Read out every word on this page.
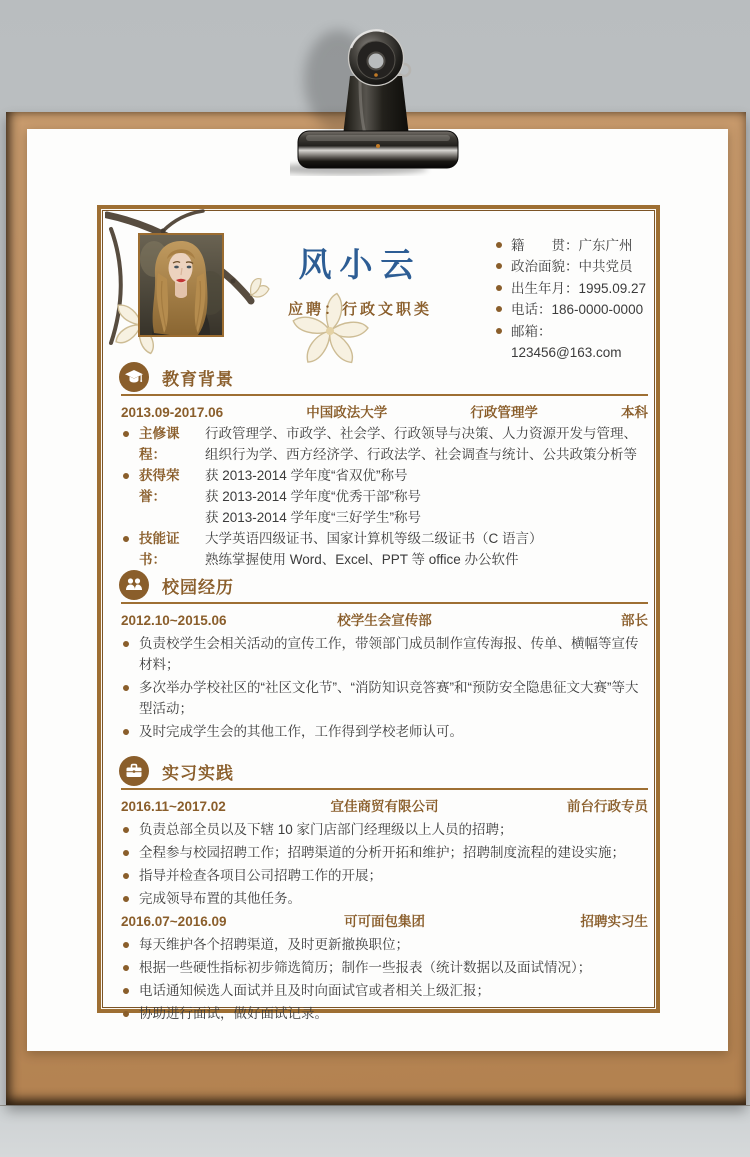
风小云
应聘：行政文职类
籍　　贯：广东广州
政治面貌：中共党员
出生年月：1995.09.27
电话：186-0000-0000
邮箱：123456@163.com
教育背景
2013.09-2017.06	中国政法大学	行政管理学	本科
主修课程：
行政管理学、市政学、社会学、行政领导与决策、人力资源开发与管理、组织行为学、西方经济学、行政法学、社会调查与统计、公共政策分析等
获得荣誉：
获 2013-2014 学年度“省双优”称号
获 2013-2014 学年度“优秀干部”称号
获 2013-2014 学年度“三好学生”称号
技能证书：
大学英语四级证书、国家计算机等级二级证书（C 语言）
熟练掌握使用 Word、Excel、PPT 等 office 办公软件
校园经历
2012.10~2015.06	校学生会宣传部	部长
负责校学生会相关活动的宣传工作，带领部门成员制作宣传海报、传单、横幅等宣传材料；
多次举办学校社区的“社区文化节”、“消防知识竞答赛”和“预防安全隐患征文大赛”等大型活动；
及时完成学生会的其他工作，工作得到学校老师认可。
实习实践
2016.11~2017.02	宜佳商贸有限公司	前台行政专员
负责总部全员以及下辖 10 家门店部门经理级以上人员的招聘；
全程参与校园招聘工作；招聘渠道的分析开拓和维护；招聘制度流程的建设实施；
指导并检查各项目公司招聘工作的开展；
完成领导布置的其他任务。
2016.07~2016.09	可可面包集团	招聘实习生
每天维护各个招聘渠道，及时更新撤换职位；
根据一些硬性指标初步筛选简历；制作一些报表（统计数据以及面试情况）；
电话通知候选人面试并且及时向面试官或者相关上级汇报；
协助进行面试，做好面试记录。
